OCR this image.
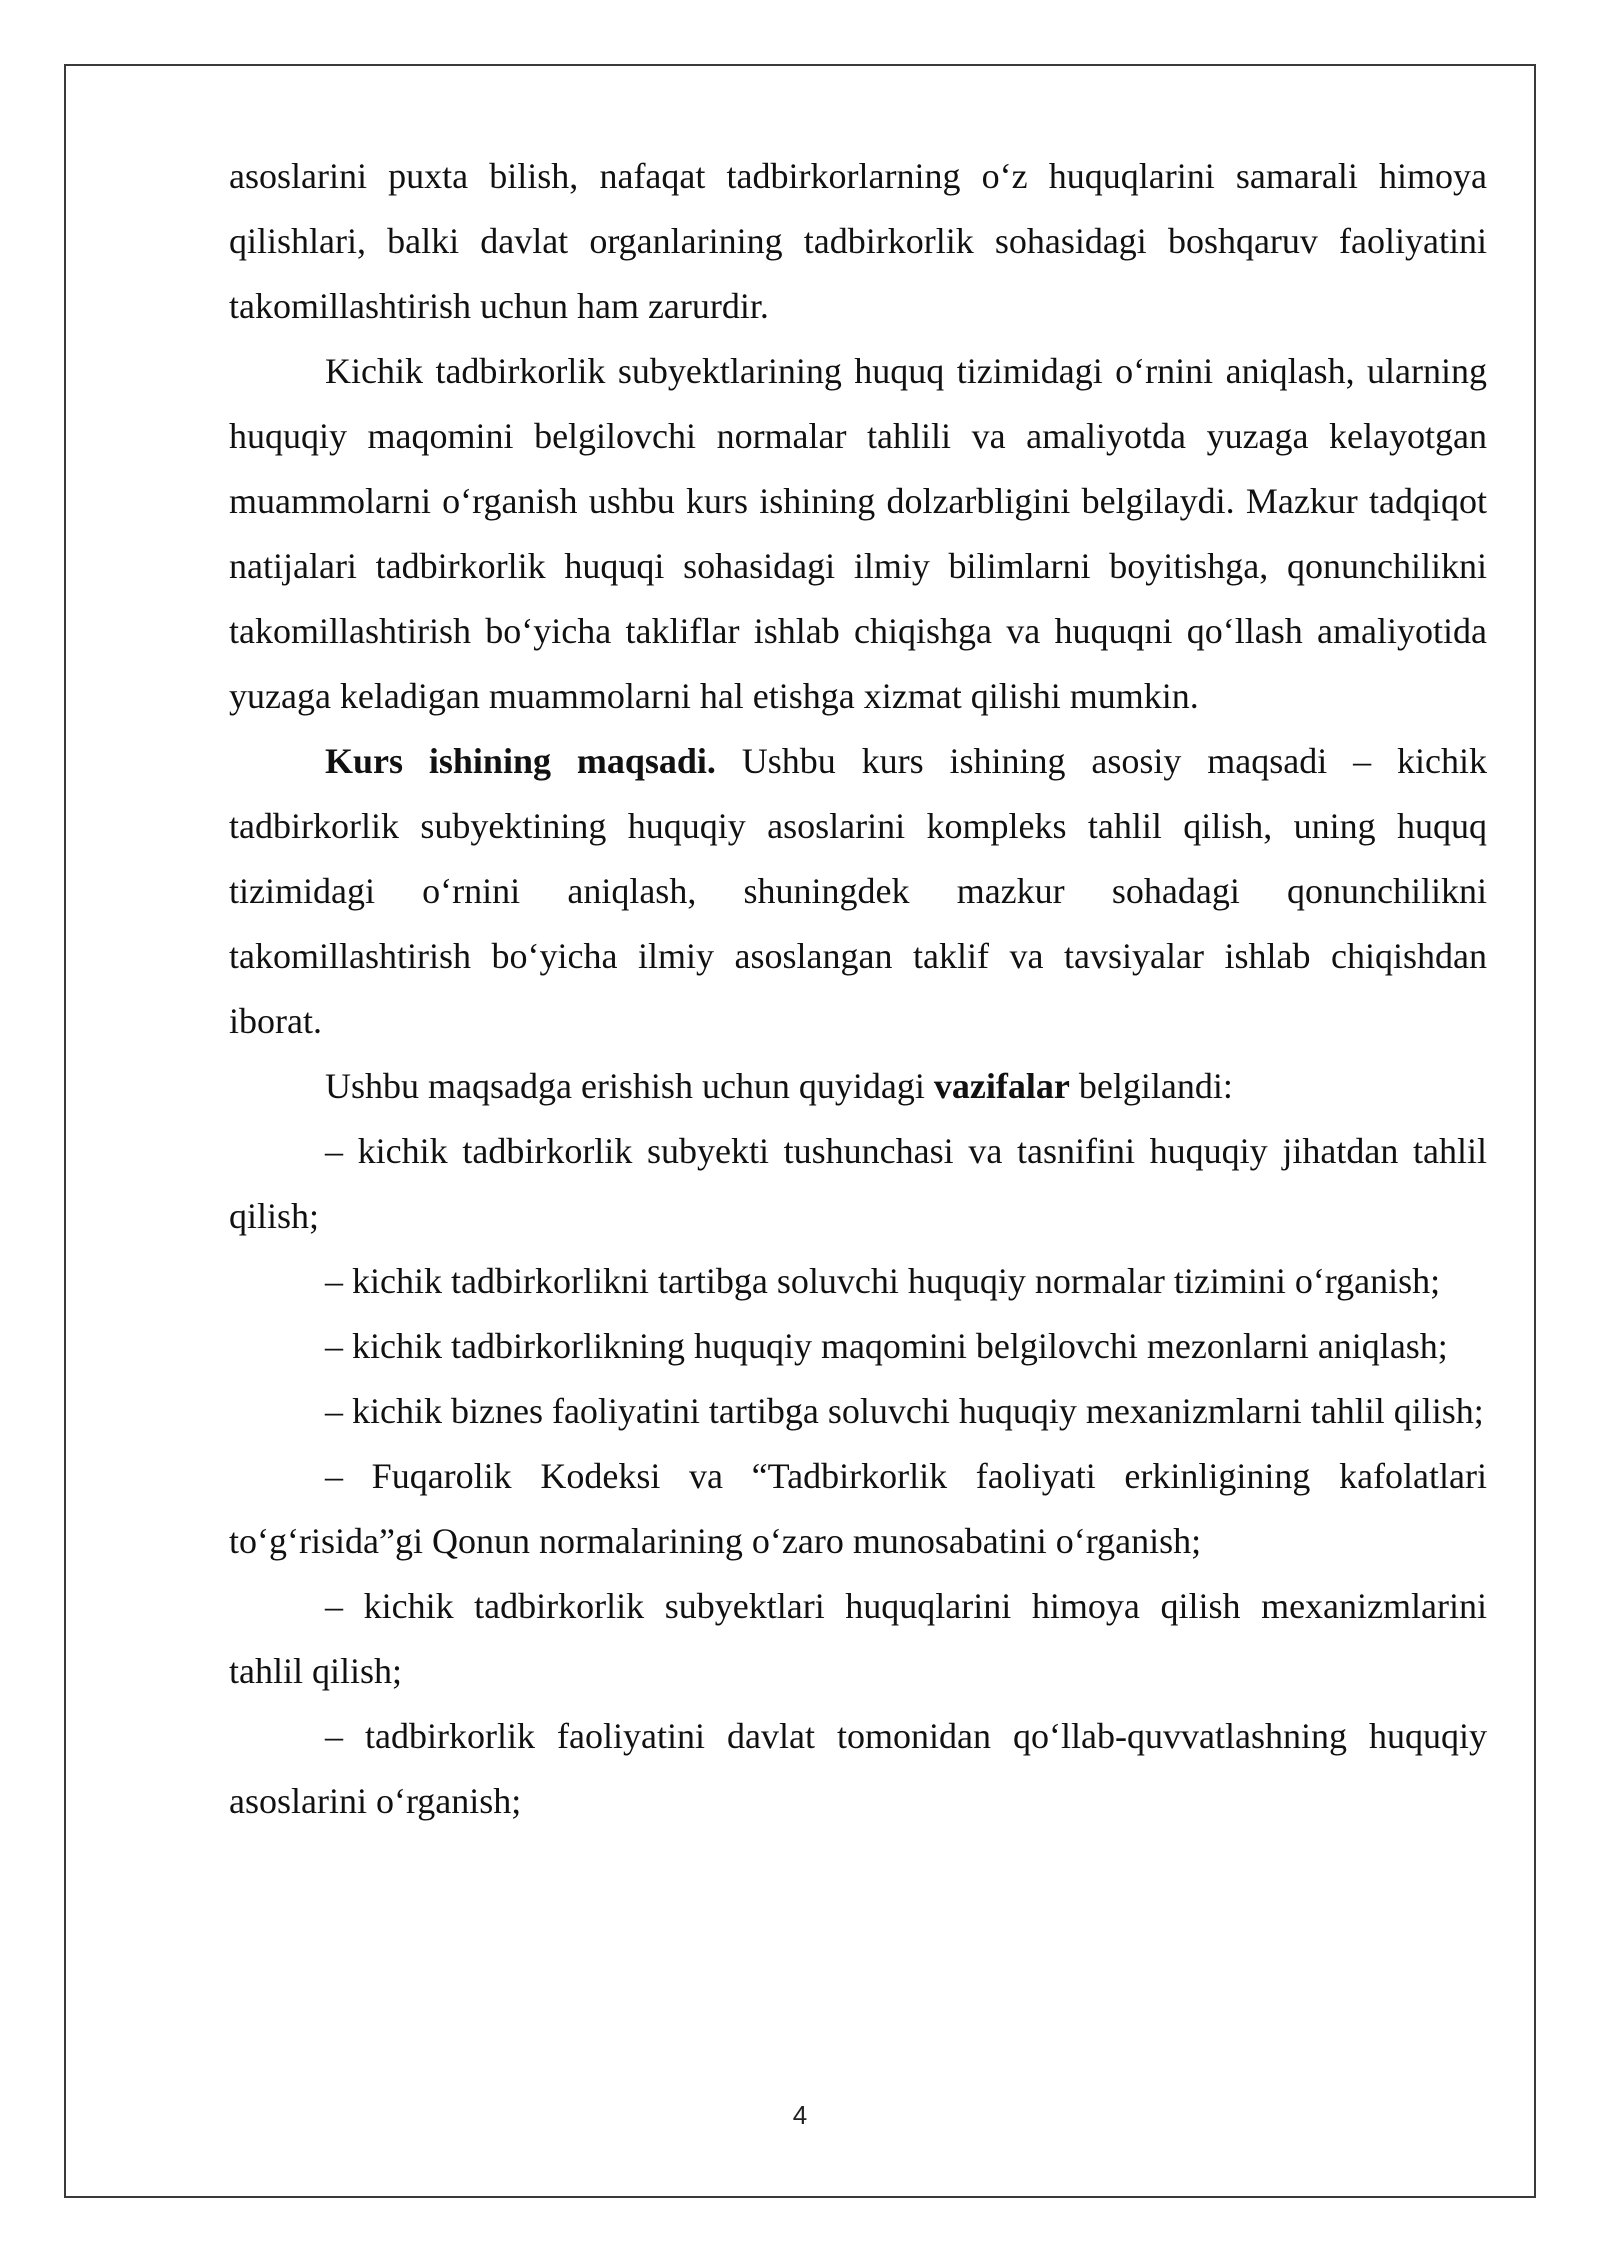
asoslarini puxta bilish, nafaqat tadbirkorlarning o‘z huquqlarini samarali himoya qilishlari, balki davlat organlarining tadbirkorlik sohasidagi boshqaruv faoliyatini takomillashtirish uchun ham zarurdir.

Kichik tadbirkorlik subyektlarining huquq tizimidagi o‘rnini aniqlash, ularning huquqiy maqomini belgilovchi normalar tahlili va amaliyotda yuzaga kelayotgan muammolarni o‘rganish ushbu kurs ishining dolzarbligini belgilaydi. Mazkur tadqiqot natijalari tadbirkorlik huquqi sohasidagi ilmiy bilimlarni boyitishga, qonunchilikni takomillashtirish bo‘yicha takliflar ishlab chiqishga va huquqni qo‘llash amaliyotida yuzaga keladigan muammolarni hal etishga xizmat qilishi mumkin.

Kurs ishining maqsadi. Ushbu kurs ishining asosiy maqsadi – kichik tadbirkorlik subyektining huquqiy asoslarini kompleks tahlil qilish, uning huquq tizimidagi o‘rnini aniqlash, shuningdek mazkur sohadagi qonunchilikni takomillashtirish bo‘yicha ilmiy asoslangan taklif va tavsiyalar ishlab chiqishdan iborat.

Ushbu maqsadga erishish uchun quyidagi vazifalar belgilandi:

– kichik tadbirkorlik subyekti tushunchasi va tasnifini huquqiy jihatdan tahlil qilish;

– kichik tadbirkorlikni tartibga soluvchi huquqiy normalar tizimini o‘rganish;

– kichik tadbirkorlikning huquqiy maqomini belgilovchi mezonlarni aniqlash;

– kichik biznes faoliyatini tartibga soluvchi huquqiy mexanizmlarni tahlil qilish;

– Fuqarolik Kodeksi va “Tadbirkorlik faoliyati erkinligining kafolatlari to‘g‘risida”gi Qonun normalarining o‘zaro munosabatini o‘rganish;

– kichik tadbirkorlik subyektlari huquqlarini himoya qilish mexanizmlarini tahlil qilish;

– tadbirkorlik faoliyatini davlat tomonidan qo‘llab-quvvatlashning huquqiy asoslarini o‘rganish;

4
